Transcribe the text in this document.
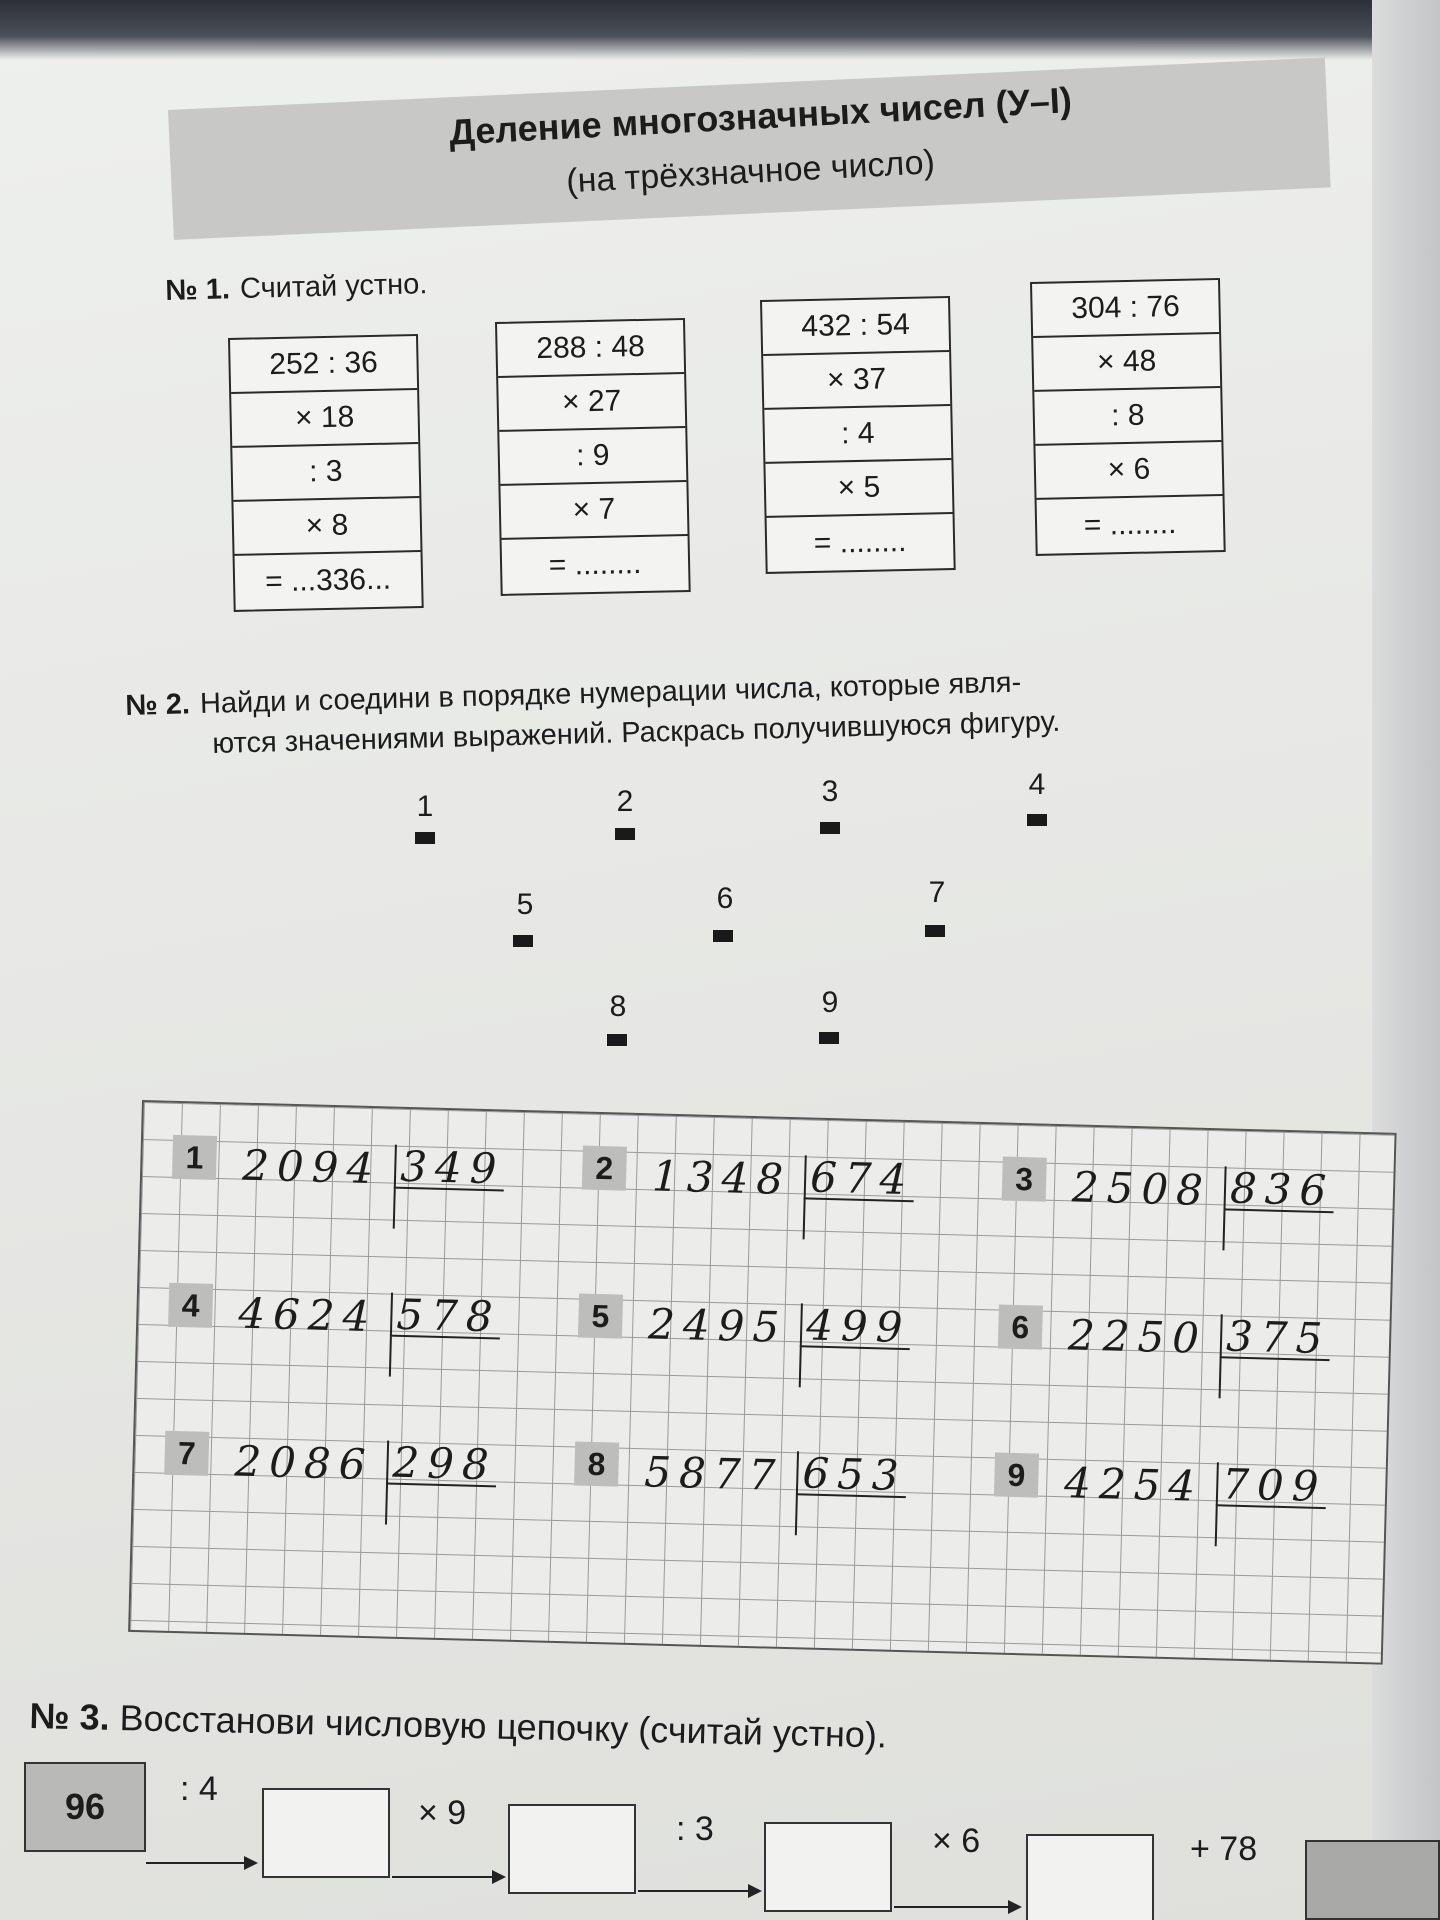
Деление многозначных чисел (У–I)
(на трёхзначное число)
№ 1. Считай устно.
252 : 36
× 18
: 3
× 8
= ...336...
288 : 48
× 27
: 9
× 7
= ........
432 : 54
× 37
: 4
× 5
= ........
304 : 76
× 48
: 8
× 6
= ........
№ 2. Найди и соедини в порядке нумерации числа, которые явля-
ются значениями выражений. Раскрась получившуюся фигуру.
1	2	3	4
5	6	7
8	9
1 2094 349	2 1348 674	3 2508 836
4 4624 578	5 2495 499	6 2250 375
7 2086 298	8 5877 653	9 4254 709
№ 3. Восстанови числовую цепочку (считай устно).
96	: 4
× 9	: 3	× 6	+ 78
